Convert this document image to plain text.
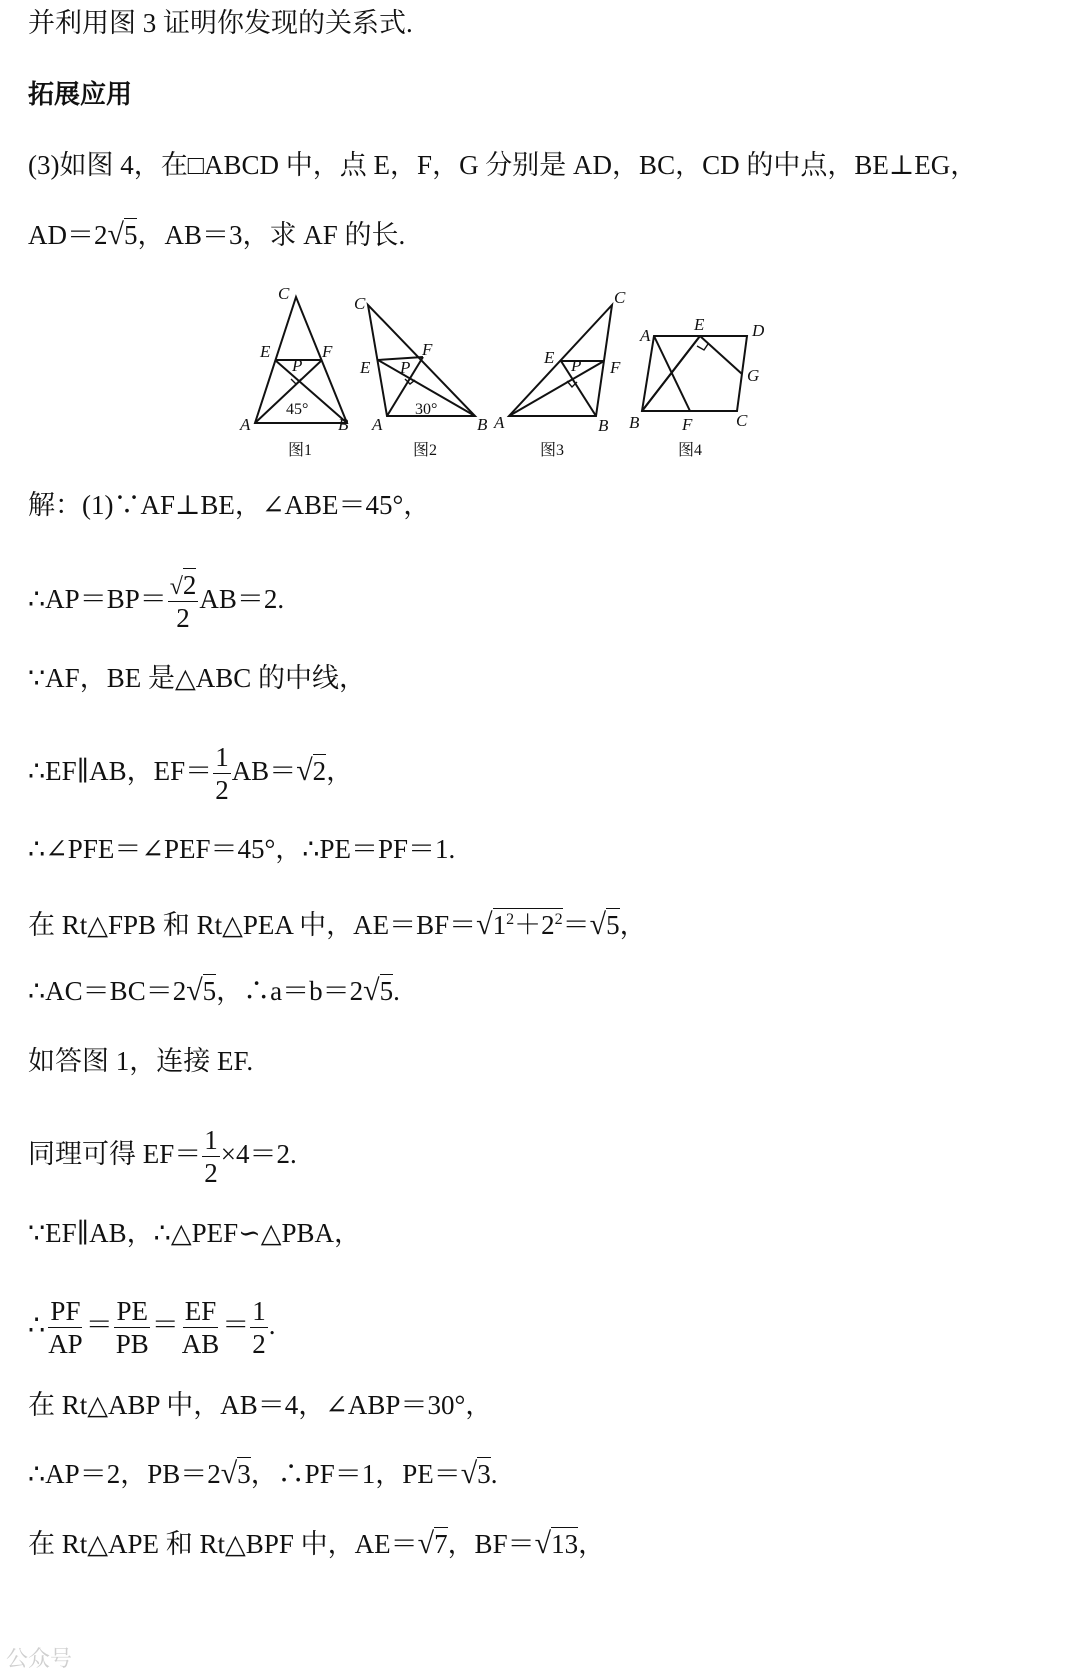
并利用图 3 证明你发现的关系式.
拓展应用
(3)如图 4，在□ABCD 中，点 E，F，G 分别是 AD，BC，CD 的中点，BE⊥EG，
AD＝2√5，AB＝3，求 AF 的长.
C
E	F
P
A	B
45°
图1
C
E
F
P
A	B
30°
图2
C
E
F
P
A	B
图3
A
E	D
G
B	F	C
图4
解：(1)∵AF⊥BE，∠ABE＝45°，
∴AP＝BP＝ $\frac{√2}{2} AB=2$.
∵AF，BE 是△ABC 的中线，
∴EF∥AB，$EF= \frac{1}{2} AB=√2$，
∴∠PFE＝∠PEF＝45°，∴PE＝PF＝1.
在 Rt△FPB 和 Rt△PEA 中，$AE=BF=√1^2+2^2=√5$，
∴AC＝BC＝2√5，∴a＝b＝2√5.
如答图 1，连接 EF.
同理可得 $EF= \frac{1}{2} \times 4=2$.
∵EF∥AB，∴△PEF∽△PBA，
∴ $\frac{PF}{AP} = \frac{PE}{PB} = \frac{EF}{AB} = \frac{1}{2}$ .
在 Rt△ABP 中，AB＝4，∠ABP＝30°，
∴AP＝2，PB＝2√3，∴PF＝1，PE＝√3.
在 Rt△APE 和 Rt△BPF 中，AE＝√7，BF＝√13，
公众号
